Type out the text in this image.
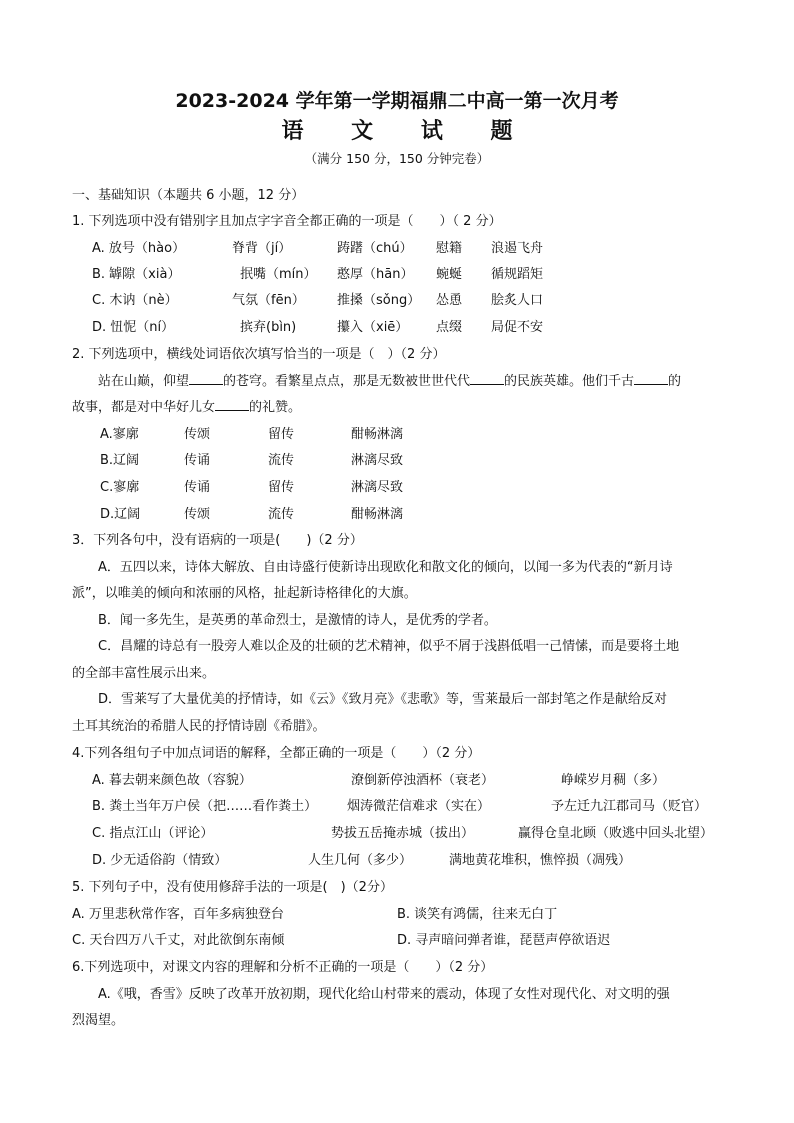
2023-2024 学年第一学期福鼎二中高一第一次月考
语 文 试 题
（满分 150 分，150 分钟完卷）
一、基础知识（本题共 6 小题，12 分）
1. 下列选项中没有错别字且加点字字音全都正确的一项是（　　）（ 2 分）
A. 放号（hào）	脊背（jí）	踌躇（chú） 慰籍 浪遏飞舟
B. 罅隙（xià）	抿嘴（mín） 憨厚（hān） 蜿蜒 循规蹈矩
C. 木讷（nè）	气氛（fēn） 推搡（sǒng） 怂恿 脍炙人口
D. 忸怩（ní）	摈弃(bìn)	攥入（xiē） 点缀 局促不安
2. 下列选项中，横线处词语依次填写恰当的一项是（　）（2 分）
站在山巅，仰望	的苍穹。看繁星点点，那是无数被世世代代	的民族英雄。他们千古	的
故事，都是对中华好儿女	的礼赞。
A.寥廓	传颂	留传	酣畅淋漓
B.辽阔	传诵	流传	淋漓尽致
C.寥廓	传诵	留传	淋漓尽致
D.辽阔	传颂	流传	酣畅淋漓
3．下列各句中，没有语病的一项是(　　)（2 分）
A．五四以来，诗体大解放、自由诗盛行使新诗出现欧化和散文化的倾向，以闻一多为代表的“新月诗
派”，以唯美的倾向和浓丽的风格，扯起新诗格律化的大旗。
B．闻一多先生，是英勇的革命烈士，是激情的诗人，是优秀的学者。
C．昌耀的诗总有一股旁人难以企及的壮硕的艺术精神，似乎不屑于浅斟低唱一己情愫，而是要将土地
的全部丰富性展示出来。
D．雪莱写了大量优美的抒情诗，如《云》《致月亮》《悲歌》等，雪莱最后一部封笔之作是献给反对
土耳其统治的希腊人民的抒情诗剧《希腊》。
4.下列各组句子中加点词语的解释，全都正确的一项是（　　）（2 分）
A. 暮去朝来颜色故（容貌）	潦倒新停浊酒杯（衰老）	峥嵘岁月稠（多）
B. 粪土当年万户侯（把……看作粪土） 烟涛微茫信难求（实在）	予左迁九江郡司马（贬官）
C. 指点江山（评论）	势拔五岳掩赤城（拔出）	赢得仓皇北顾（败逃中回头北望）
D. 少无适俗韵（情致）	人生几何（多少）	满地黄花堆积，憔悴损（凋残）
5. 下列句子中，没有使用修辞手法的一项是(　)（2分）
A. 万里悲秋常作客，百年多病独登台	B. 谈笑有鸿儒，往来无白丁
C. 天台四万八千丈，对此欲倒东南倾	D. 寻声暗问弹者谁，琵琶声停欲语迟
6.下列选项中，对课文内容的理解和分析不正确的一项是（　　）（2 分）
A.《哦，香雪》反映了改革开放初期，现代化给山村带来的震动，体现了女性对现代化、对文明的强
烈渴望。
